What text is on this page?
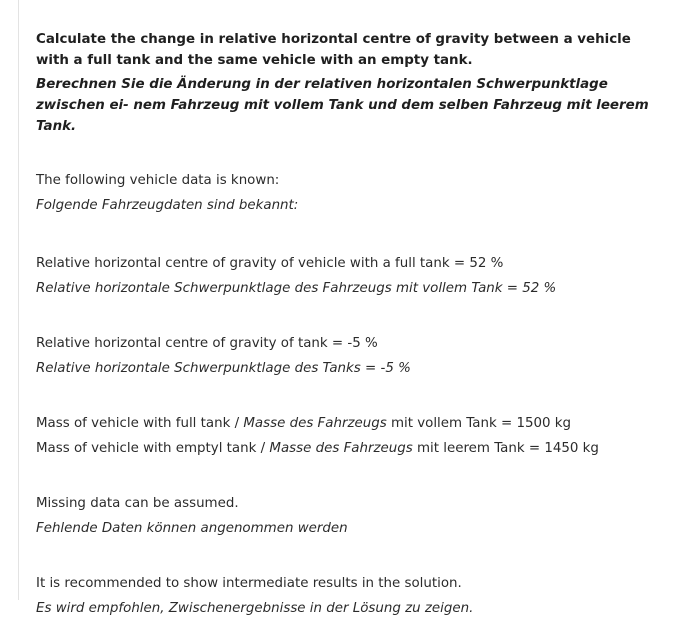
Calculate the change in relative horizontal centre of gravity between a vehicle with a full tank and the same vehicle with an empty tank.

Berechnen Sie die Änderung in der relativen horizontalen Schwerpunktlage zwischen ei- nem Fahrzeug mit vollem Tank und dem selben Fahrzeug mit leerem Tank.

The following vehicle data is known:
Folgende Fahrzeugdaten sind bekannt:
Relative horizontal centre of gravity of vehicle with a full tank = 52 %
Relative horizontale Schwerpunktlage des Fahrzeugs mit vollem Tank = 52 %
Relative horizontal centre of gravity of tank = -5 %
Relative horizontale Schwerpunktlage des Tanks = -5 %
Mass of vehicle with full tank / Masse des Fahrzeugs mit vollem Tank = 1500 kg
Mass of vehicle with emptyl tank / Masse des Fahrzeugs mit leerem Tank = 1450 kg
Missing data can be assumed.
Fehlende Daten können angenommen werden
It is recommended to show intermediate results in the solution.
Es wird empfohlen, Zwischenergebnisse in der Lösung zu zeigen.
